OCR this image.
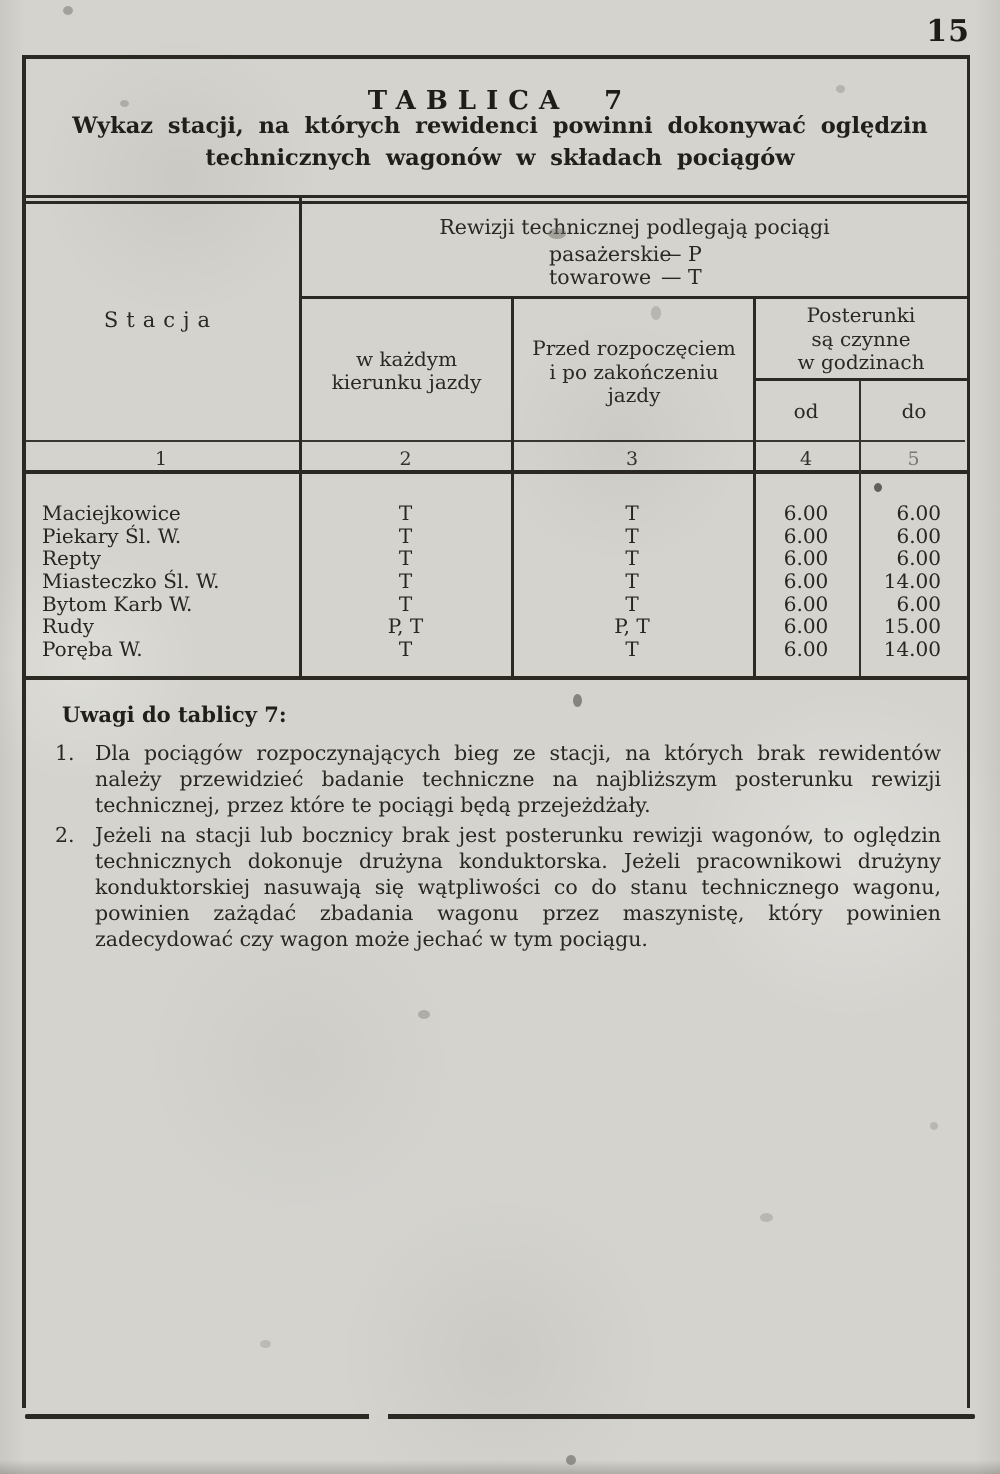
15
TABLICA 7
Wykaz stacji, na których rewidenci powinni dokonywać oględzin
technicznych wagonów w składach pociągów
Stacja
Rewizji technicznej podlegają pociągi
pasażerskie
— P
towarowe — T
w każdym
kierunku jazdy
Przed rozpoczęciem
i po zakończeniu
jazdy
Posterunki
są czynne
w godzinach
od	do
1	2	3	4	5
Maciejkowice	T	T	6.00	6.00
Piekary Śl. W.	T	T	6.00	6.00
Repty	T	T	6.00	6.00
Miasteczko Śl. W.	T	T	6.00	14.00
Bytom Karb W.	T	T	6.00	6.00
Rudy	P, T	P, T	6.00	15.00
Poręba W.	T	T	6.00	14.00
Uwagi do tablicy 7:
1. Dla pociągów rozpoczynających bieg ze stacji, na których brak rewidentów należy przewidzieć badanie techniczne na najbliższym posterunku rewizji technicznej, przez które te pociągi będą przejeżdżały.
2. Jeżeli na stacji lub bocznicy brak jest posterunku rewizji wagonów, to oględzin technicznych dokonuje drużyna konduktorska. Jeżeli pracownikowi drużyny konduktorskiej nasuwają się wątpliwości co do stanu technicznego wagonu, powinien zażądać zbadania wagonu przez maszynistę, który powinien zadecydować czy wagon może jechać w tym pociągu.
